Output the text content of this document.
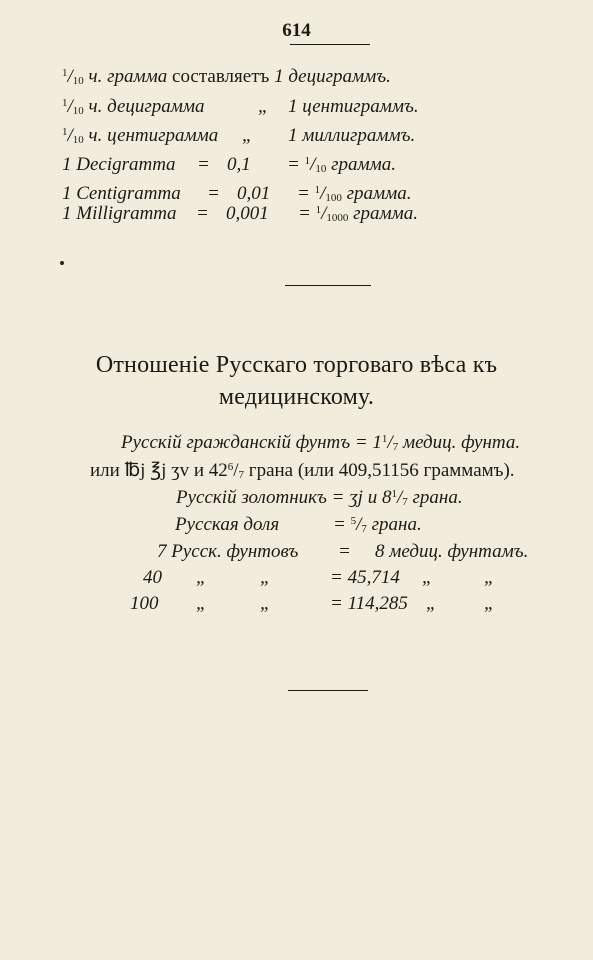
614
$^1/_{10}$ ч. грамма составляетъ 1 дециграммъ.
$^1/_{10}$ ч. дециграмма	„ 1 центиграммъ.
$^1/_{10}$ ч. центиграмма „ 1 миллиграммъ.
1 Decigramma = $0,1 = ^1/_{10}$ грамма.
1 Centigramma = $0,01 = ^1/_{100}$ грамма.
1 Milligramma = $0,001 = ^1/_{1000}$ грамма.
Отношеніе Русскаго торговаго вѣса къ
медицинскому.
Русскій гражданскій фунтъ = $1^1/_7$ медиц. фунта.
или ℔j ℥j ʒv и $42^6/_7$ грана (или 409,51156 граммамъ).
Русскій золотникъ = ʒj и $8^1/_7$ грана.
Русская доля	= $^5/_7$ грана.
7 Русск. фунтовъ = 8 медиц. фунтамъ.
40 „	„	= 45,714 „	„
100 „	„	= 114,285 „ „
